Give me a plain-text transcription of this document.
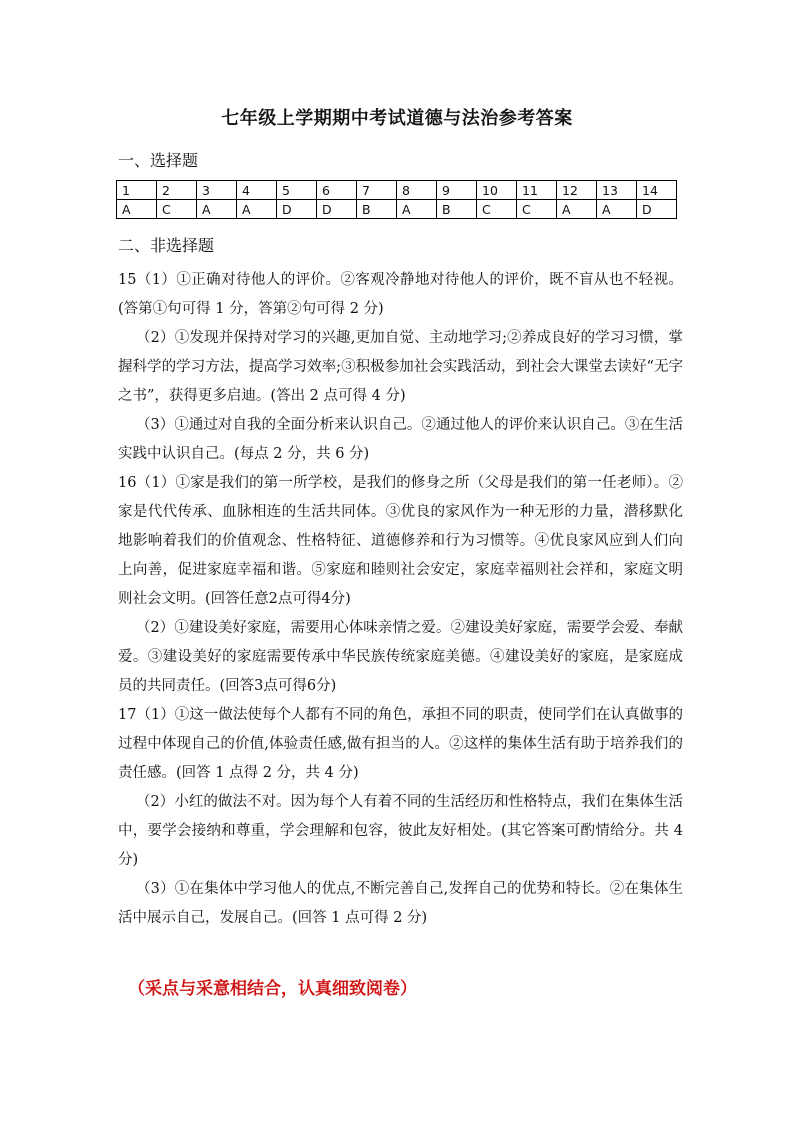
七年级上学期期中考试道德与法治参考答案
一、选择题
1	2	3	4	5	6	7	8	9	10	11	12	13	14
A	C	A	A	D	D	B	A	B	C	C	A	A	D
二、非选择题

15（1）①正确对待他人的评价。②客观冷静地对待他人的评价，既不盲从也不轻视。(答第①句可得 1 分，答第②句可得 2 分)

（2）①发现并保持对学习的兴趣,更加自觉、主动地学习;②养成良好的学习习惯，掌握科学的学习方法，提高学习效率;③积极参加社会实践活动，到社会大课堂去读好“无字之书”，获得更多启迪。(答出 2 点可得 4 分)

（3）①通过对自我的全面分析来认识自己。②通过他人的评价来认识自己。③在生活实践中认识自己。(每点 2 分，共 6 分)

16（1）①家是我们的第一所学校，是我们的修身之所（父母是我们的第一任老师）。②家是代代传承、血脉相连的生活共同体。③优良的家风作为一种无形的力量，潜移默化地影响着我们的价值观念、性格特征、道德修养和行为习惯等。④优良家风应到人们向上向善，促进家庭幸福和谐。⑤家庭和睦则社会安定，家庭幸福则社会祥和，家庭文明则社会文明。(回答任意2点可得4分)

（2）①建设美好家庭，需要用心体味亲情之爱。②建设美好家庭，需要学会爱、奉献爱。③建设美好的家庭需要传承中华民族传统家庭美德。④建设美好的家庭，是家庭成员的共同责任。(回答3点可得6分)

17（1）①这一做法使每个人都有不同的角色，承担不同的职责，使同学们在认真做事的过程中体现自己的价值,体验责任感,做有担当的人。②这样的集体生活有助于培养我们的责任感。(回答 1 点得 2 分，共 4 分)

（2）小红的做法不对。因为每个人有着不同的生活经历和性格特点，我们在集体生活中，要学会接纳和尊重，学会理解和包容，彼此友好相处。(其它答案可酌情给分。共 4 分)

（3）①在集体中学习他人的优点,不断完善自己,发挥自己的优势和特长。②在集体生活中展示自己，发展自己。(回答 1 点可得 2 分)

（采点与采意相结合，认真细致阅卷）
